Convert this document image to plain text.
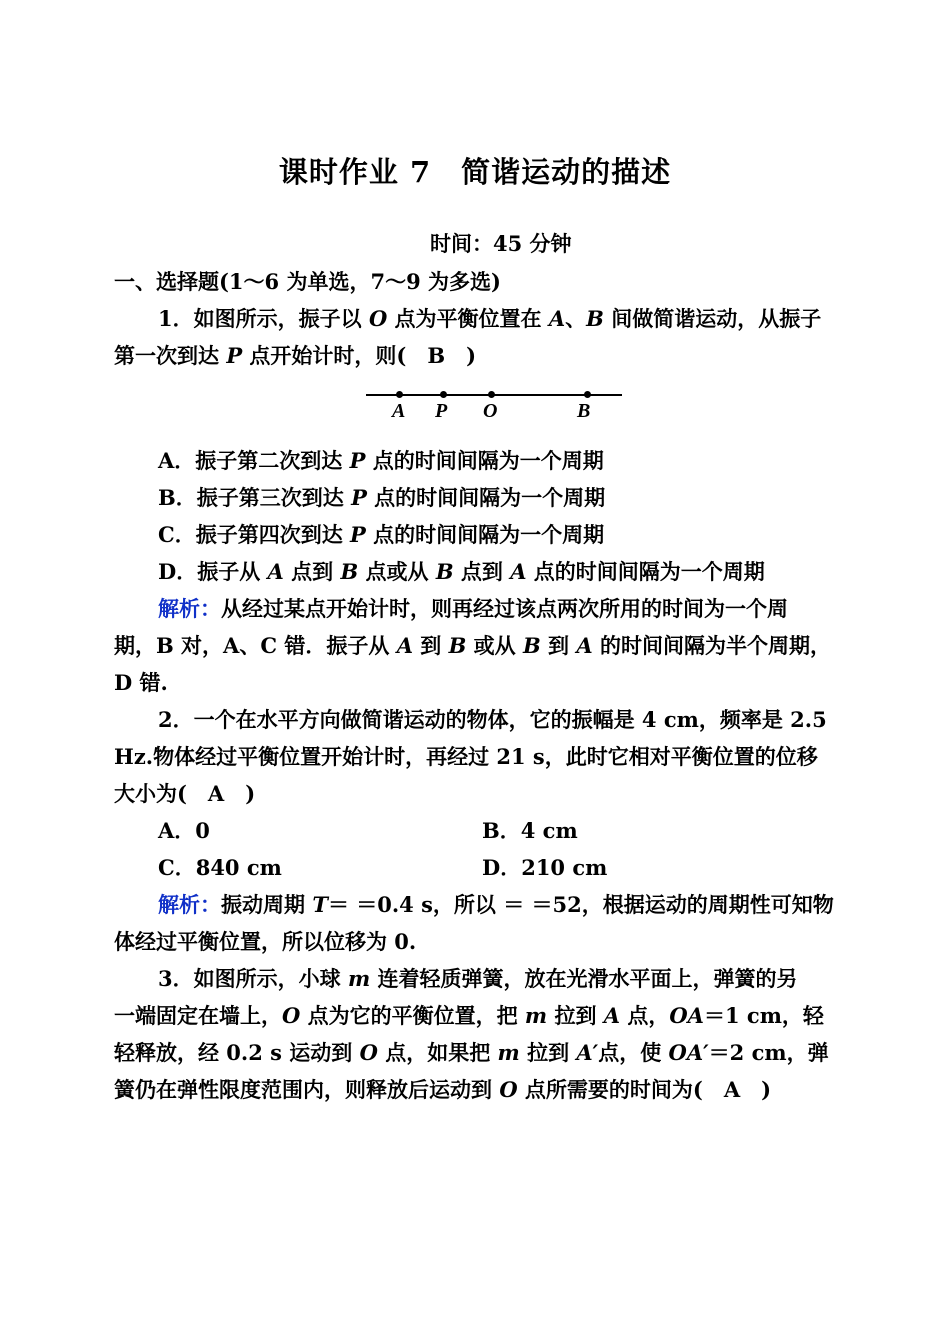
课时作业 7　简谐运动的描述
时间：45 分钟
一、选择题(1～6 为单选，7～9 为多选)
1．如图所示，振子以 O 点为平衡位置在 A、B 间做简谐运动，从振子
第一次到达 P 点开始计时，则(　B　)
A P O	B
A．振子第二次到达 P 点的时间间隔为一个周期
B．振子第三次到达 P 点的时间间隔为一个周期
C．振子第四次到达 P 点的时间间隔为一个周期
D．振子从 A 点到 B 点或从 B 点到 A 点的时间间隔为一个周期
解析：从经过某点开始计时，则再经过该点两次所用的时间为一个周
期，B 对，A、C 错．振子从 A 到 B 或从 B 到 A 的时间间隔为半个周期，
D 错.
2．一个在水平方向做简谐运动的物体，它的振幅是 4 cm，频率是 2.5
Hz.物体经过平衡位置开始计时，再经过 21 s，此时它相对平衡位置的位移
大小为(　A　)
A．0	B．4 cm
C．840 cm	D．210 cm
解析：振动周期 T＝ ＝0.4 s，所以 ＝ ＝52，根据运动的周期性可知物
体经过平衡位置，所以位移为 0.
3．如图所示，小球 m 连着轻质弹簧，放在光滑水平面上，弹簧的另
一端固定在墙上，O 点为它的平衡位置，把 m 拉到 A 点，OA＝1 cm，轻
轻释放，经 0.2 s 运动到 O 点，如果把 m 拉到 A′点，使 OA′＝2 cm，弹
簧仍在弹性限度范围内，则释放后运动到 O 点所需要的时间为(　A　)
